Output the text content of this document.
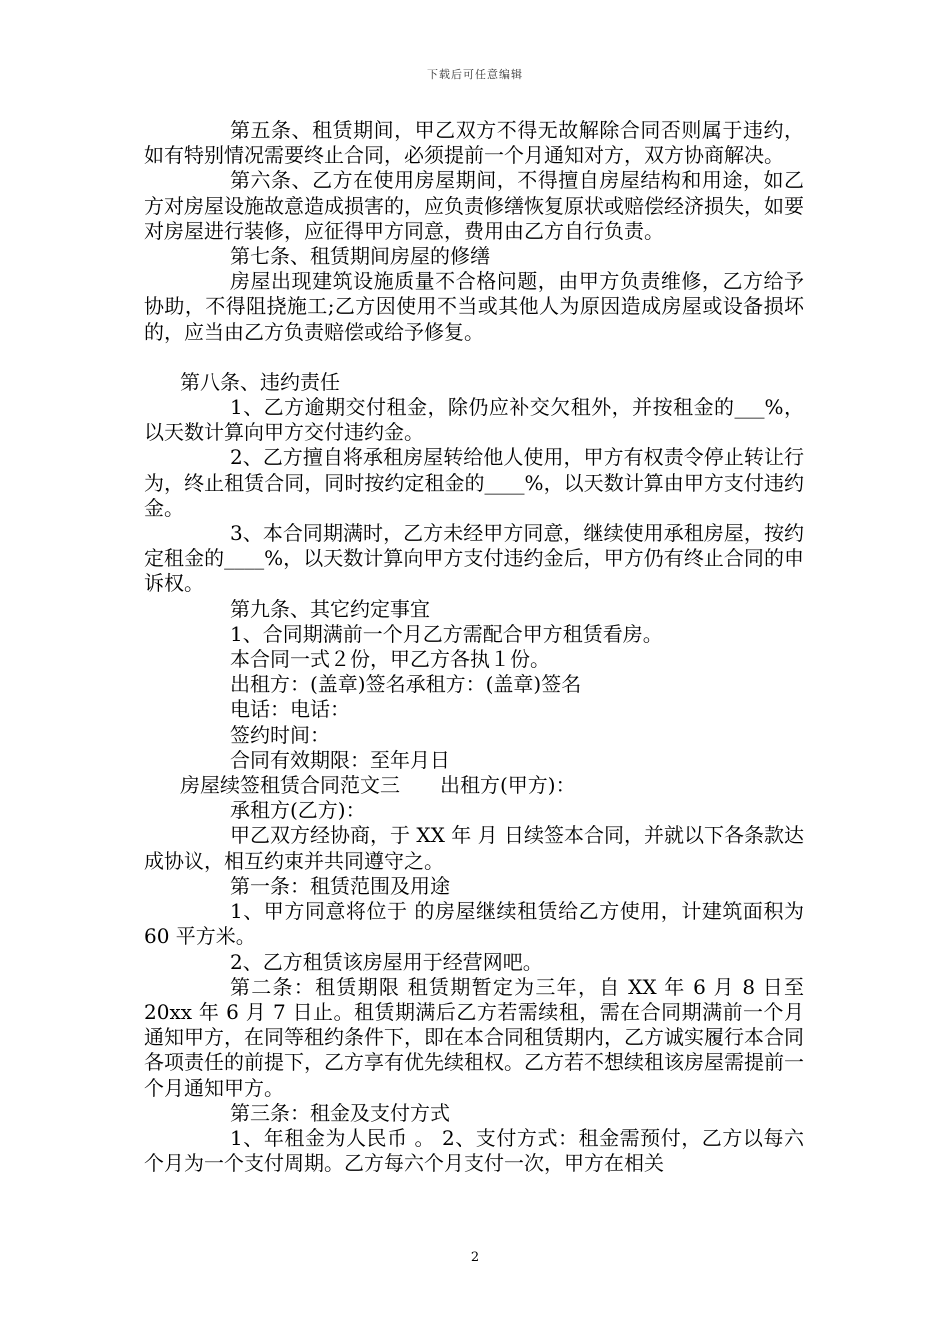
下载后可任意编辑

第五条、租赁期间，甲乙双方不得无故解除合同否则属于违约，如有特别情况需要终止合同，必须提前一个月通知对方，双方协商解决。

第六条、乙方在使用房屋期间，不得擅自房屋结构和用途，如乙方对房屋设施故意造成损害的，应负责修缮恢复原状或赔偿经济损失，如要对房屋进行装修，应征得甲方同意，费用由乙方自行负责。

第七条、租赁期间房屋的修缮

房屋出现建筑设施质量不合格问题，由甲方负责维修，乙方给予协助，不得阻挠施工;乙方因使用不当或其他人为原因造成房屋或设备损坏的，应当由乙方负责赔偿或给予修复。

第八条、违约责任

1、乙方逾期交付租金，除仍应补交欠租外，并按租金的___%，以天数计算向甲方交付违约金。

2、乙方擅自将承租房屋转给他人使用，甲方有权责令停止转让行为，终止租赁合同，同时按约定租金的____%，以天数计算由甲方支付违约金。

3、本合同期满时，乙方未经甲方同意，继续使用承租房屋，按约定租金的____%，以天数计算向甲方支付违约金后，甲方仍有终止合同的申诉权。

第九条、其它约定事宜

1、合同期满前一个月乙方需配合甲方租赁看房。

本合同一式２份，甲乙方各执１份。

出租方：(盖章)签名承租方：(盖章)签名

电话：电话：

签约时间：

合同有效期限：至年月日

房屋续签租赁合同范文三　　出租方(甲方)：

承租方(乙方)：

甲乙双方经协商，于 XX 年 月 日续签本合同，并就以下各条款达成协议，相互约束并共同遵守之。

第一条：租赁范围及用途

1、甲方同意将位于 的房屋继续租赁给乙方使用，计建筑面积为 60 平方米。

2、乙方租赁该房屋用于经营网吧。

第二条：租赁期限 租赁期暂定为三年，自 XX 年 6 月 8 日至 20xx 年 6 月 7 日止。租赁期满后乙方若需续租，需在合同期满前一个月通知甲方，在同等租约条件下，即在本合同租赁期内，乙方诚实履行本合同各项责任的前提下，乙方享有优先续租权。乙方若不想续租该房屋需提前一个月通知甲方。

第三条：租金及支付方式

1、年租金为人民币 。 2、支付方式：租金需预付，乙方以每六个月为一个支付周期。乙方每六个月支付一次，甲方在相关

2
